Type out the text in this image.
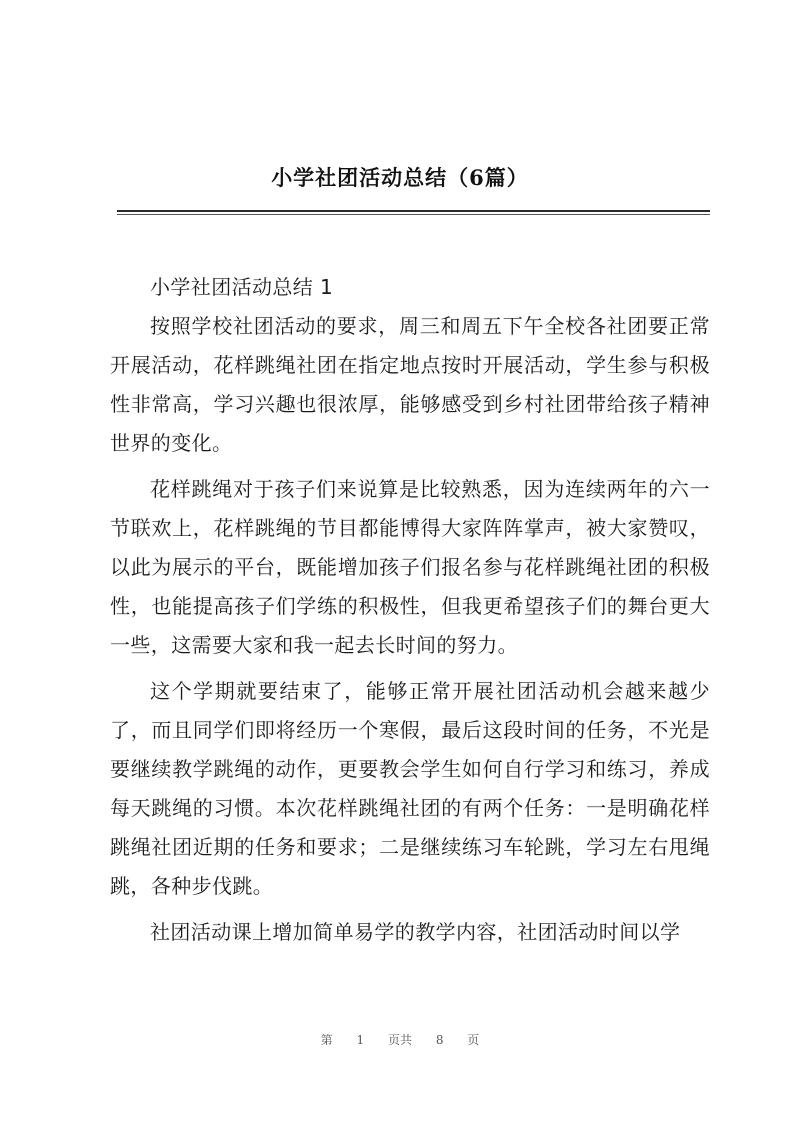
小学社团活动总结（6篇）

小学社团活动总结 1

按照学校社团活动的要求，周三和周五下午全校各社团要正常开展活动，花样跳绳社团在指定地点按时开展活动，学生参与积极性非常高，学习兴趣也很浓厚，能够感受到乡村社团带给孩子精神世界的变化。

花样跳绳对于孩子们来说算是比较熟悉，因为连续两年的六一节联欢上，花样跳绳的节目都能博得大家阵阵掌声，被大家赞叹，以此为展示的平台，既能增加孩子们报名参与花样跳绳社团的积极性，也能提高孩子们学练的积极性，但我更希望孩子们的舞台更大一些，这需要大家和我一起去长时间的努力。

这个学期就要结束了，能够正常开展社团活动机会越来越少了，而且同学们即将经历一个寒假，最后这段时间的任务，不光是要继续教学跳绳的动作，更要教会学生如何自行学习和练习，养成每天跳绳的习惯。本次花样跳绳社团的有两个任务：一是明确花样跳绳社团近期的任务和要求；二是继续练习车轮跳，学习左右甩绳跳，各种步伐跳。

社团活动课上增加简单易学的教学内容，社团活动时间以学

第 1 页共 8 页
